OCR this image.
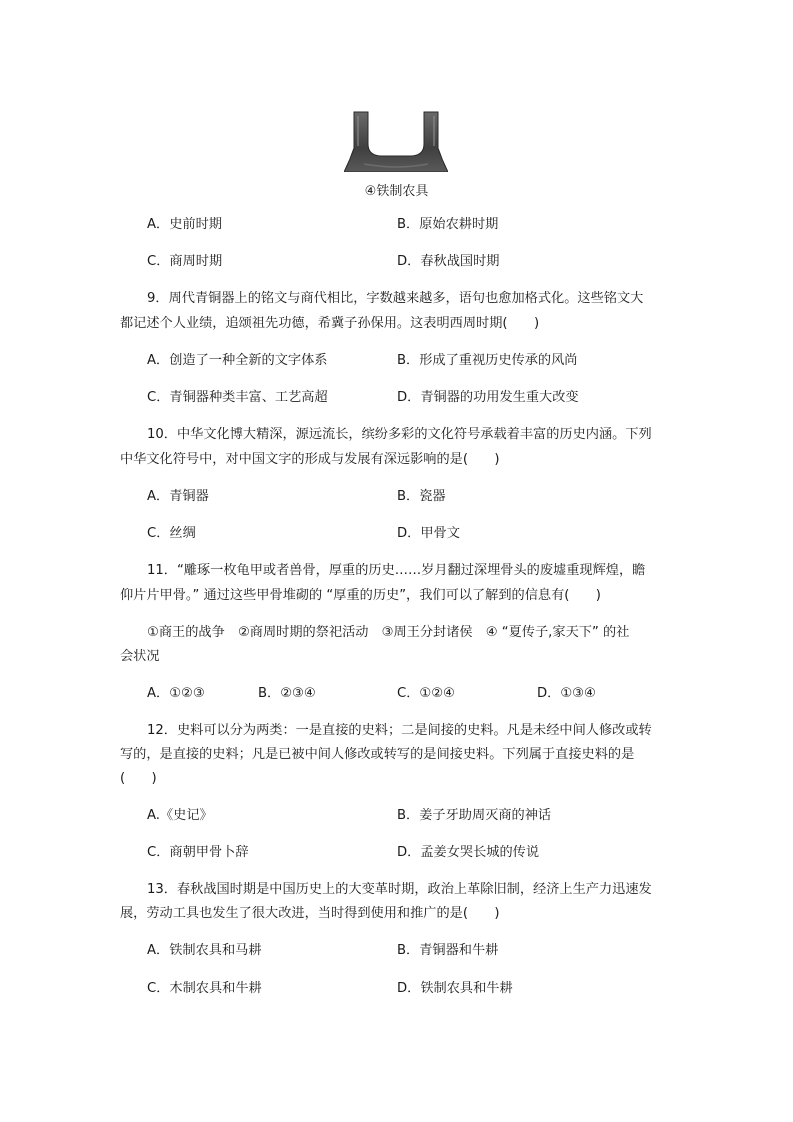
④铁制农具
A．史前时期	B．原始农耕时期
C．商周时期	D．春秋战国时期
9．周代青铜器上的铭文与商代相比，字数越来越多，语句也愈加格式化。这些铭文大
都记述个人业绩，追颂祖先功德，希冀子孙保用。这表明西周时期(　　)
A．创造了一种全新的文字体系	B．形成了重视历史传承的风尚
C．青铜器种类丰富、工艺高超	D．青铜器的功用发生重大改变
10．中华文化博大精深，源远流长，缤纷多彩的文化符号承载着丰富的历史内涵。下列
中华文化符号中，对中国文字的形成与发展有深远影响的是(　　)
A．青铜器	B．瓷器
C．丝绸	D．甲骨文
11．“雕琢一枚龟甲或者兽骨，厚重的历史……岁月翻过深埋骨头的废墟重现辉煌，瞻
仰片片甲骨。” 通过这些甲骨堆砌的 “厚重的历史”，我们可以了解到的信息有(　　)
①商王的战争　②商周时期的祭祀活动　③周王分封诸侯　④ “夏传子,家天下” 的社
会状况
A．①②③	B．②③④	C．①②④	D．①③④
12．史料可以分为两类：一是直接的史料；二是间接的史料。凡是未经中间人修改或转
写的，是直接的史料；凡是已被中间人修改或转写的是间接史料。下列属于直接史料的是
(　　)
A.《史记》	B．姜子牙助周灭商的神话
C．商朝甲骨卜辞	D．孟姜女哭长城的传说
13．春秋战国时期是中国历史上的大变革时期，政治上革除旧制，经济上生产力迅速发
展，劳动工具也发生了很大改进，当时得到使用和推广的是(　　)
A．铁制农具和马耕	B．青铜器和牛耕
C．木制农具和牛耕	D．铁制农具和牛耕
